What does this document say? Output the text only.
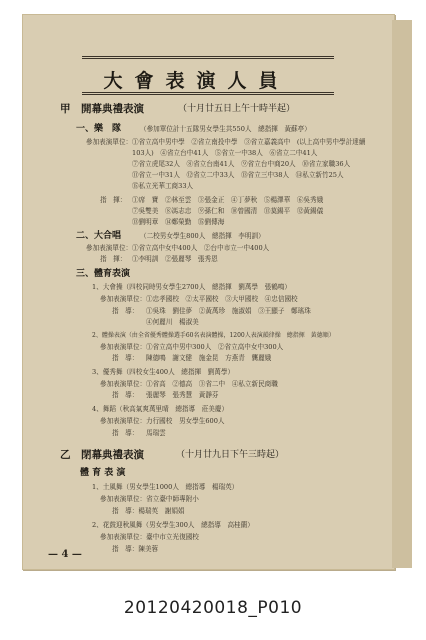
大會表演人員
甲　開幕典禮表演	（十月廿五日上午十時半起）
一、樂　隊	（參加單位計十五隊男女學生共550人　總指揮　黃蘇亭）
參加表演單位： ①省立高中男中學　②省立南投中學　③省立嘉義高中　(以上高中男中學計達續
103人)　④省立台中41人　⑤省立一中38人　⑥省立二中41人
⑦省立虎尾32人　⑧省立台南41人　⑨省立台中商20人　⑩省立家職36人
⑪省立一中31人　⑫省立二中33人　⑬省立三中38人　⑭私立新竹25人
⑮私立光華工商33人
指　揮： ①席　寶　②林至雲　③張金正　④丁夢秋　⑤楊澤華　⑥吳秀娥
⑦吳雙美　⑧馮志忠　⑨孫仁和　⑩曾國清　⑪莫錫平　⑫黃錫儀
⑬劉明章　⑭鄭榮勤　⑮劉傳海
二、大合唱	（二校男女學生800人　總指揮　李明訓）
參加表演單位： ①省立高中女中400人　②台中市立一中400人
指　揮： ①李明訓　②張麗琴　張秀恩
三、體育表演
1、大會操（四校同時男女學生2700人　總指揮　劉萬學　張鶴鳴）
參加表演單位： ①忠孝國校　②太平國校　③大甲國校　④忠信國校
指　導： ①吳珠　劉佳夢　②黃萬珍　施淑娟　③王顯子　鄭瑤珠
④何麗川　楊淑美
2、體操表演（由全省優秀體操選手60名表演體操，1200人表演韻律操　總指揮　黃德順）
參加表演單位： ①省立高中男中300人　②省立高中女中300人
指　導： 陳德鳴　謝文健　施金昆　方燕青　龔麗娥
3、優秀舞（四校女生400人　總指揮　劉萬學）
參加表演單位： ①省高　②德高　③省二中　④私立新民商職
指　導： 張麗琴　張秀慧　黃靜芬
4、舞蹈（秋高氣爽萬里晴　總指導　莊美慶）
參加表演單位： 力行國校　男女學生600人
指　導： 馬瑞雲
乙　閉幕典禮表演	（十月廿九日下午三時起）
體 育 表 演
1、土風舞（男女學生1000人　總指導　楊瑞英）
參加表演單位：省立臺中師專附小
指　導：楊瑞英　謝娟娟
2、花鼓迎秋風舞（男女學生300人　總指導　高桂蘭）
參加表演單位：臺中市立光復國校
指　導：陳美蓉
— 4 —
20120420018_P010
